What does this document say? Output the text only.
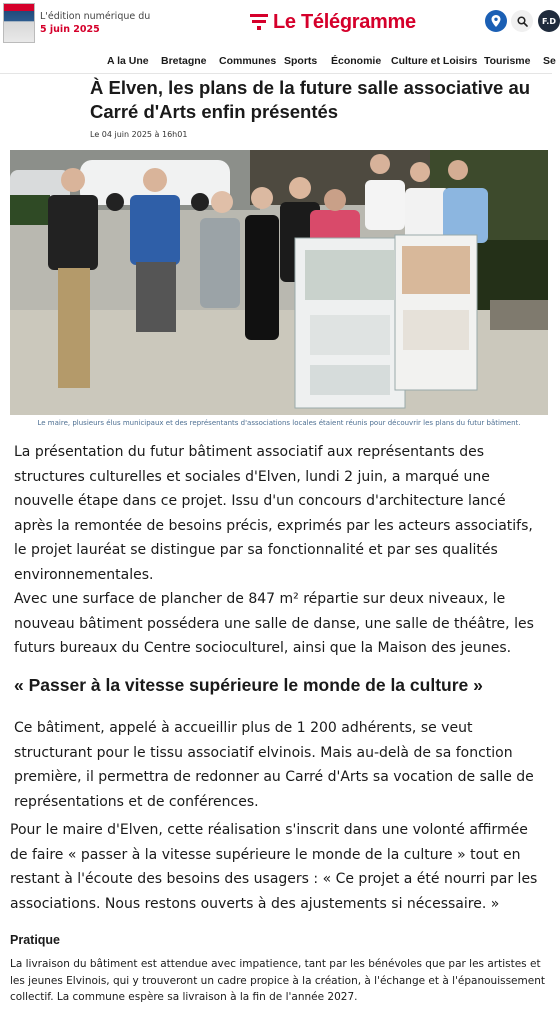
L'édition numérique du
5 juin 2025	Le Télégramme	F.D
A la Une Bretagne Communes Sports Économie Culture et Loisirs Tourisme Se
À Elven, les plans de la future salle associative au Carré d'Arts enfin présentés
Le 04 juin 2025 à 16h01
Le maire, plusieurs élus municipaux et des représentants d'associations locales étaient réunis pour découvrir les plans du futur bâtiment.

La présentation du futur bâtiment associatif aux représentants des structures culturelles et sociales d'Elven, lundi 2 juin, a marqué une nouvelle étape dans ce projet. Issu d'un concours d'architecture lancé après la remontée de besoins précis, exprimés par les acteurs associatifs, le projet lauréat se distingue par sa fonctionnalité et par ses qualités environnementales.

Avec une surface de plancher de 847 m² répartie sur deux niveaux, le nouveau bâtiment possédera une salle de danse, une salle de théâtre, les futurs bureaux du Centre socioculturel, ainsi que la Maison des jeunes.

« Passer à la vitesse supérieure le monde de la culture »

Ce bâtiment, appelé à accueillir plus de 1 200 adhérents, se veut structurant pour le tissu associatif elvinois. Mais au-delà de sa fonction première, il permettra de redonner au Carré d'Arts sa vocation de salle de représentations et de conférences.

Pour le maire d'Elven, cette réalisation s'inscrit dans une volonté affirmée de faire « passer à la vitesse supérieure le monde de la culture » tout en restant à l'écoute des besoins des usagers : « Ce projet a été nourri par les associations. Nous restons ouverts à des ajustements si nécessaire. »

Pratique

La livraison du bâtiment est attendue avec impatience, tant par les bénévoles que par les artistes et les jeunes Elvinois, qui y trouveront un cadre propice à la création, à l'échange et à l'épanouissement collectif. La commune espère sa livraison à la fin de l'année 2027.
